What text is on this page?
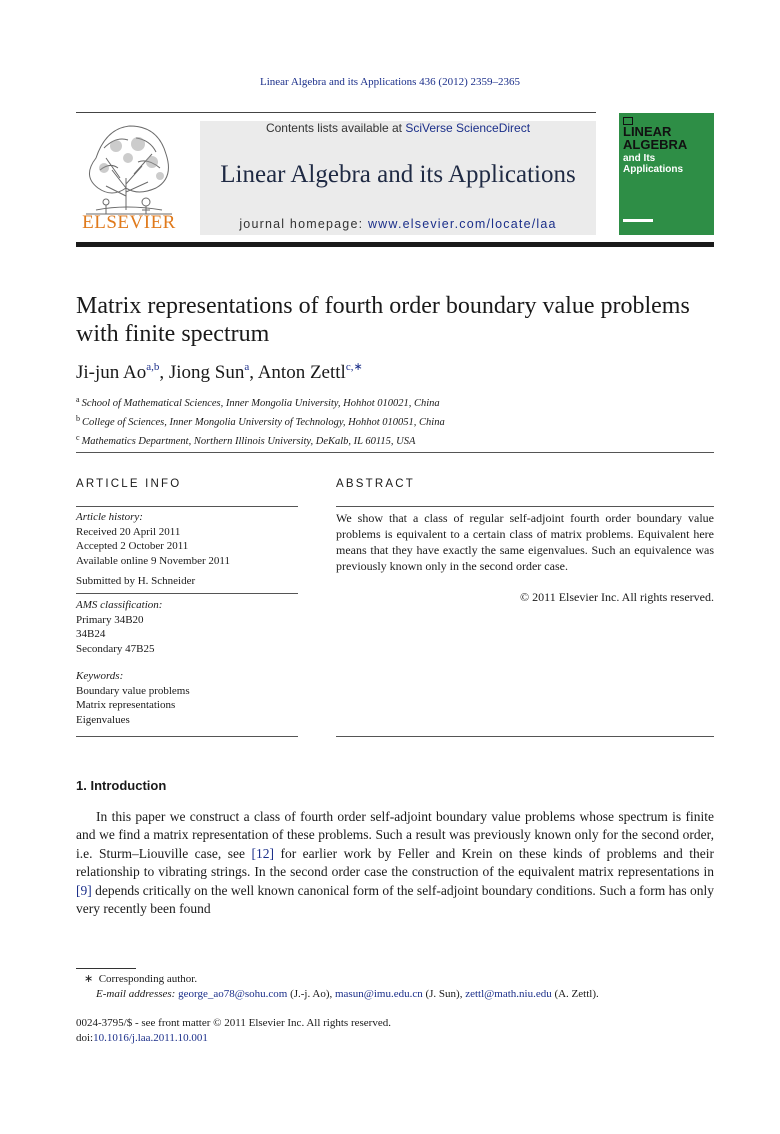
Linear Algebra and its Applications 436 (2012) 2359–2365
ELSEVIER
Contents lists available at SciVerse ScienceDirect
Linear Algebra and its Applications
journal homepage: www.elsevier.com/locate/laa
LINEAR
ALGEBRA
and Its
Applications
Matrix representations of fourth order boundary value problems with finite spectrum
Ji-jun Ao$^{a,b}$, Jiong Sun$^a$, Anton Zettl$^{c,∗}$
$^a$ School of Mathematical Sciences, Inner Mongolia University, Hohhot 010021, China
$^b$ College of Sciences, Inner Mongolia University of Technology, Hohhot 010051, China
$^c$ Mathematics Department, Northern Illinois University, DeKalb, IL 60115, USA
ARTICLE INFO	ABSTRACT
Article history:
Received 20 April 2011
Accepted 2 October 2011
Available online 9 November 2011
Submitted by H. Schneider
AMS classification:
Primary 34B20
34B24
Secondary 47B25
Keywords:
Boundary value problems
Matrix representations
Eigenvalues
We show that a class of regular self-adjoint fourth order boundary value problems is equivalent to a certain class of matrix problems. Equivalent here means that they have exactly the same eigenvalues. Such an equivalence was previously known only in the second order case.
© 2011 Elsevier Inc. All rights reserved.
1. Introduction
In this paper we construct a class of fourth order self-adjoint boundary value problems whose spectrum is finite and we find a matrix representation of these problems. Such a result was previously known only for the second order, i.e. Sturm–Liouville case, see [12] for earlier work by Feller and Krein on these kinds of problems and their relationship to vibrating strings. In the second order case the construction of the equivalent matrix representations in [9] depends critically on the well known canonical form of the self-adjoint boundary conditions. Such a form has only very recently been found
∗ Corresponding author.
E-mail addresses: george_ao78@sohu.com (J.-j. Ao), masun@imu.edu.cn (J. Sun), zettl@math.niu.edu (A. Zettl).
0024-3795/$ - see front matter © 2011 Elsevier Inc. All rights reserved.
doi:10.1016/j.laa.2011.10.001
